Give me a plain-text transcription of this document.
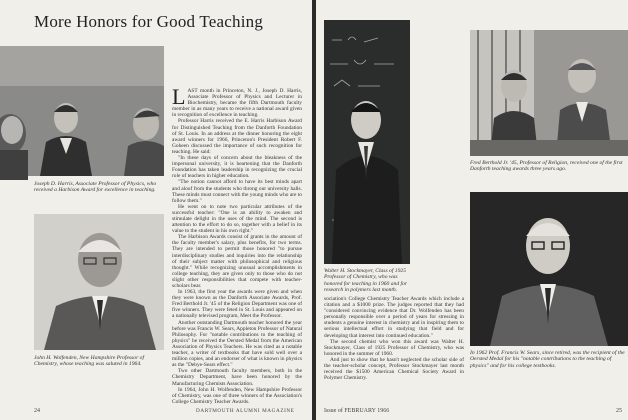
More Honors for Good Teaching
Joseph D. Harris, Associate Professor of Physics, who received a Harbison Award for excellence in teaching.
John H. Wolfenden, New Hampshire Professor of Chemistry, whose teaching was saluted in 1964.

LAST month in Princeton, N. J., Joseph D. Harris, Associate Professor of Physics and Lecturer in Biochemistry, became the fifth Dartmouth faculty member in as many years to receive a national award given in recognition of excellence in teaching.

Professor Harris received the E. Harris Harbison Award for Distinguished Teaching from the Danforth Foundation of St. Louis. In an address at the dinner honoring the eight award winners for 1966, Princeton's President Robert F. Goheen discussed the importance of such recognition for teaching. He said:

"In these days of concern about the bleakness of the impersonal university, it is heartening that the Danforth Foundation has taken leadership in recognizing the crucial role of teachers in higher education.

"The notion cannot afford to have its best minds apart and aloof from the students who throng our university halls. These minds must connect with the young minds who are to follow them."

He went on to note two particular attributes of the successful teacher: "One is an ability to awaken and stimulate delight in the uses of the mind. The second is attention to the effort to do so, together with a belief in its value to the student in his own right."

The Harbison Awards consist of grants in the amount of the faculty member's salary, plus benefits, for two terms. They are intended to permit those honored "to pursue interdisciplinary studies and inquiries into the relationship of their subject matter with philosophical and religious thought." While recognizing unusual accomplishments in college teaching, they are given only to those who do not slight other responsibilities that compete with teacher-scholars bear.

In 1963, the first year the awards were given and when they were known as the Danforth Associate Awards, Prof. Fred Berthold Jr. '45 of the Religion Department was one of five winners. They were feted in St. Louis and appeared on a nationally televised program, Meet the Professor.

Another outstanding Dartmouth teacher honored the year before was Francis W. Sears, Appleton Professor of Natural Philosophy. For "notable contributions to the teaching of physics" he received the Oersted Medal from the American Association of Physics Teachers. He was cited as a notable teacher, a writer of textbooks that have sold well over a million copies, and an endorser of what is known in physics as the "Debye-Sears effect."

Two other Dartmouth faculty members, both in the Chemistry Department, have been honored by the Manufacturing Chemists Association.

In 1964, John H. Wolfenden, New Hampshire Professor of Chemistry, was one of three winners of the Association's College Chemistry Teacher Awards.

24	DARTMOUTH ALUMNI MAGAZINE
Walter H. Stockmayer, Class of 1925 Professor of Chemistry, who was honored for teaching in 1960 and for research in polymers last month.
Fred Berthold Jr. '45, Professor of Religion, received one of the first Danforth teaching awards three years ago.

sociation's College Chemistry Teacher Awards which include a citation and a $1000 prize. The judges reported that they had "considered convincing evidence that Dr. Wolfenden has been personally responsible over a period of years for stressing in students a genuine interest in chemistry and in inspiring them to serious intellectual effort in studying that field and for developing that interest into continued education."

The second chemist who won this award was Walter H. Stockmayer, Class of 1925 Professor of Chemistry, who was honored in the summer of 1960.

And just to show that he hasn't neglected the scholar side of the teacher-scholar concept, Professor Stockmayer last month received the $1500 American Chemical Society Award in Polymer Chemistry.

In 1962 Prof. Francis W. Sears, since retired, was the recipient of the Oersted Medal for his "notable contributions to the teaching of physics" and for his college textbooks.
Issue of FEBRUARY 1966	25
